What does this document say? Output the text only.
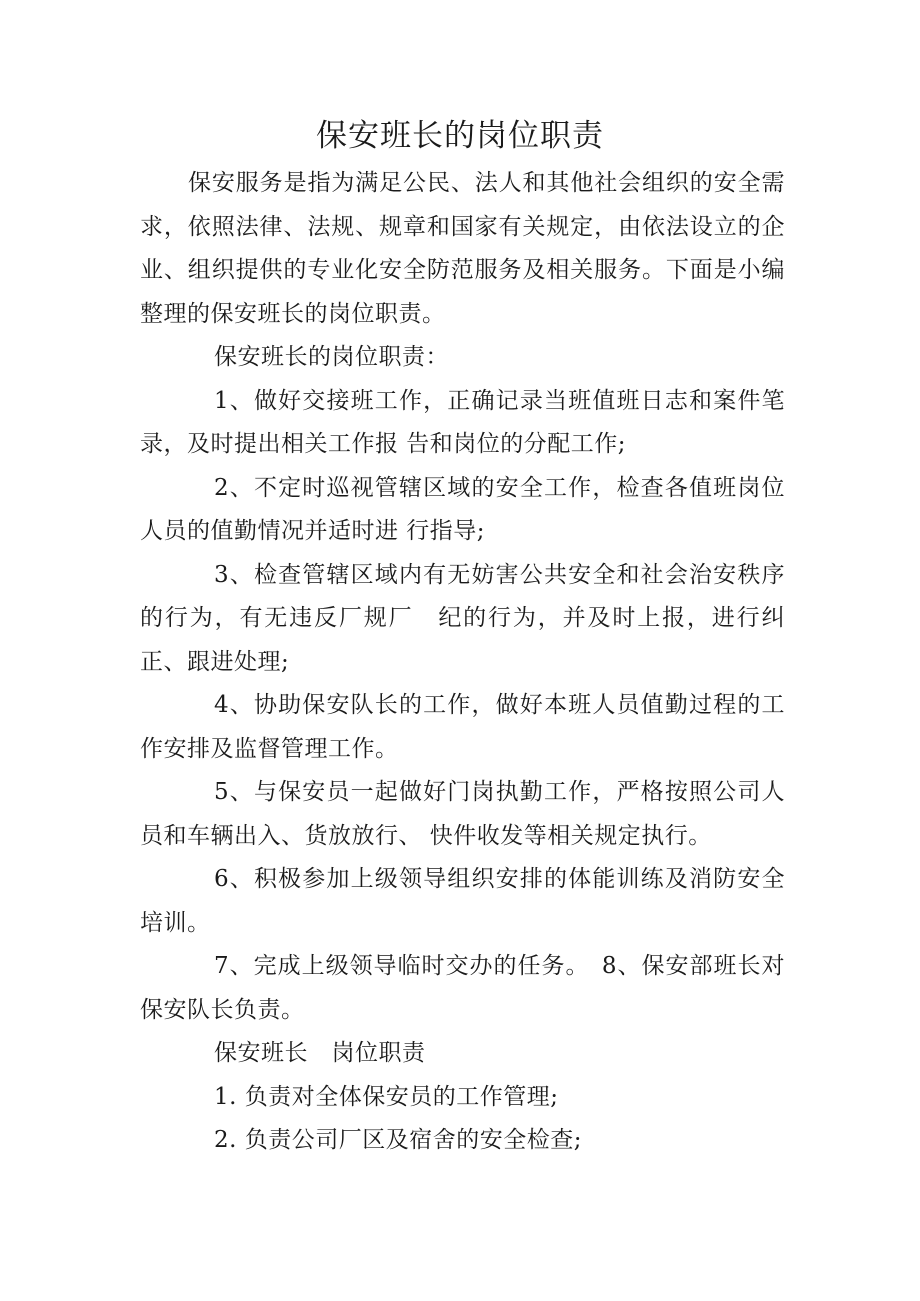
保安班长的岗位职责

保安服务是指为满足公民、法人和其他社会组织的安全需求，依照法律、法规、规章和国家有关规定，由依法设立的企业、组织提供的专业化安全防范服务及相关服务。下面是小编整理的保安班长的岗位职责。

保安班长的岗位职责：

1、做好交接班工作，正确记录当班值班日志和案件笔录，及时提出相关工作报 告和岗位的分配工作;

2、不定时巡视管辖区域的安全工作，检查各值班岗位人员的值勤情况并适时进 行指导;

3、检查管辖区域内有无妨害公共安全和社会治安秩序的行为，有无违反厂规厂　纪的行为，并及时上报，进行纠正、跟进处理;

4、协助保安队长的工作，做好本班人员值勤过程的工作安排及监督管理工作。

5、与保安员一起做好门岗执勤工作，严格按照公司人员和车辆出入、货放放行、 快件收发等相关规定执行。

6、积极参加上级领导组织安排的体能训练及消防安全培训。

7、完成上级领导临时交办的任务。　8、保安部班长对保安队长负责。

保安班长　岗位职责

1. 负责对全体保安员的工作管理;

2. 负责公司厂区及宿舍的安全检查;
